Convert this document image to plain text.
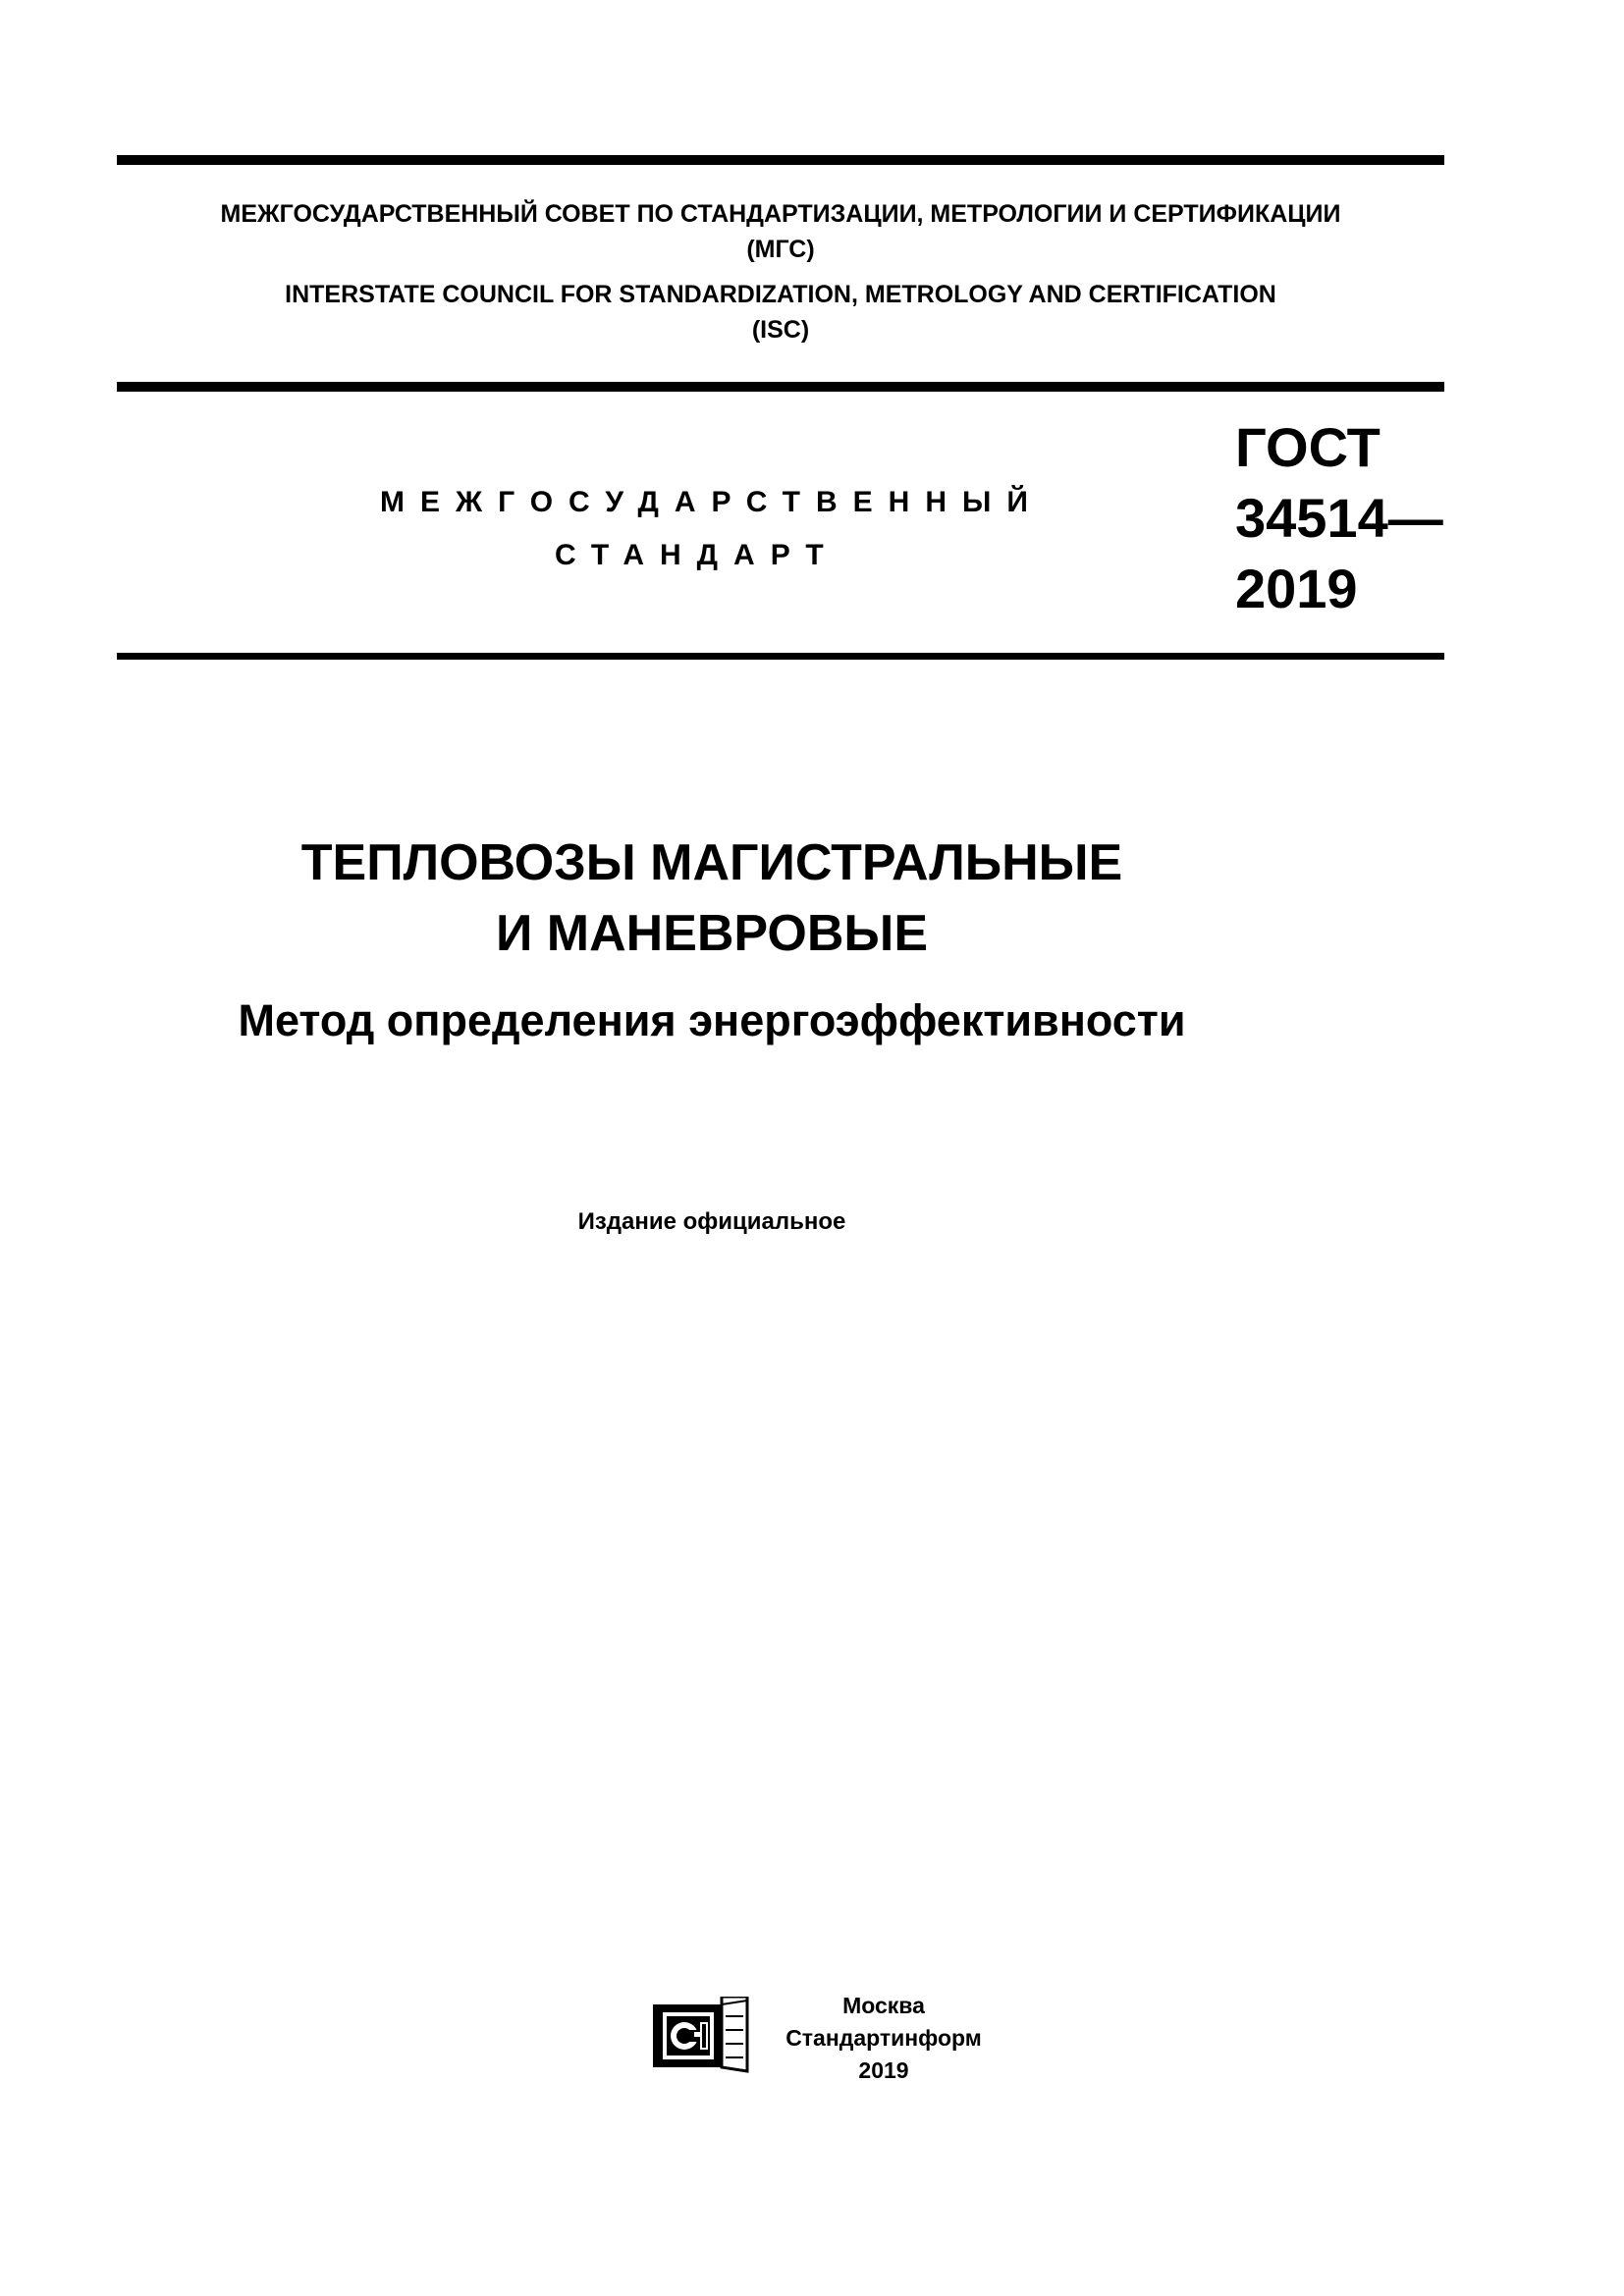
МЕЖГОСУДАРСТВЕННЫЙ СОВЕТ ПО СТАНДАРТИЗАЦИИ, МЕТРОЛОГИИ И СЕРТИФИКАЦИИ
(МГС)
INTERSTATE COUNCIL FOR STANDARDIZATION, METROLOGY AND CERTIFICATION
(ISC)
МЕЖГОСУДАРСТВЕННЫЙ
СТАНДАРТ
ГОСТ
34514—
2019
ТЕПЛОВОЗЫ МАГИСТРАЛЬНЫЕ
И МАНЕВРОВЫЕ
Метод определения энергоэффективности
Издание официальное
Москва
Стандартинформ
2019
